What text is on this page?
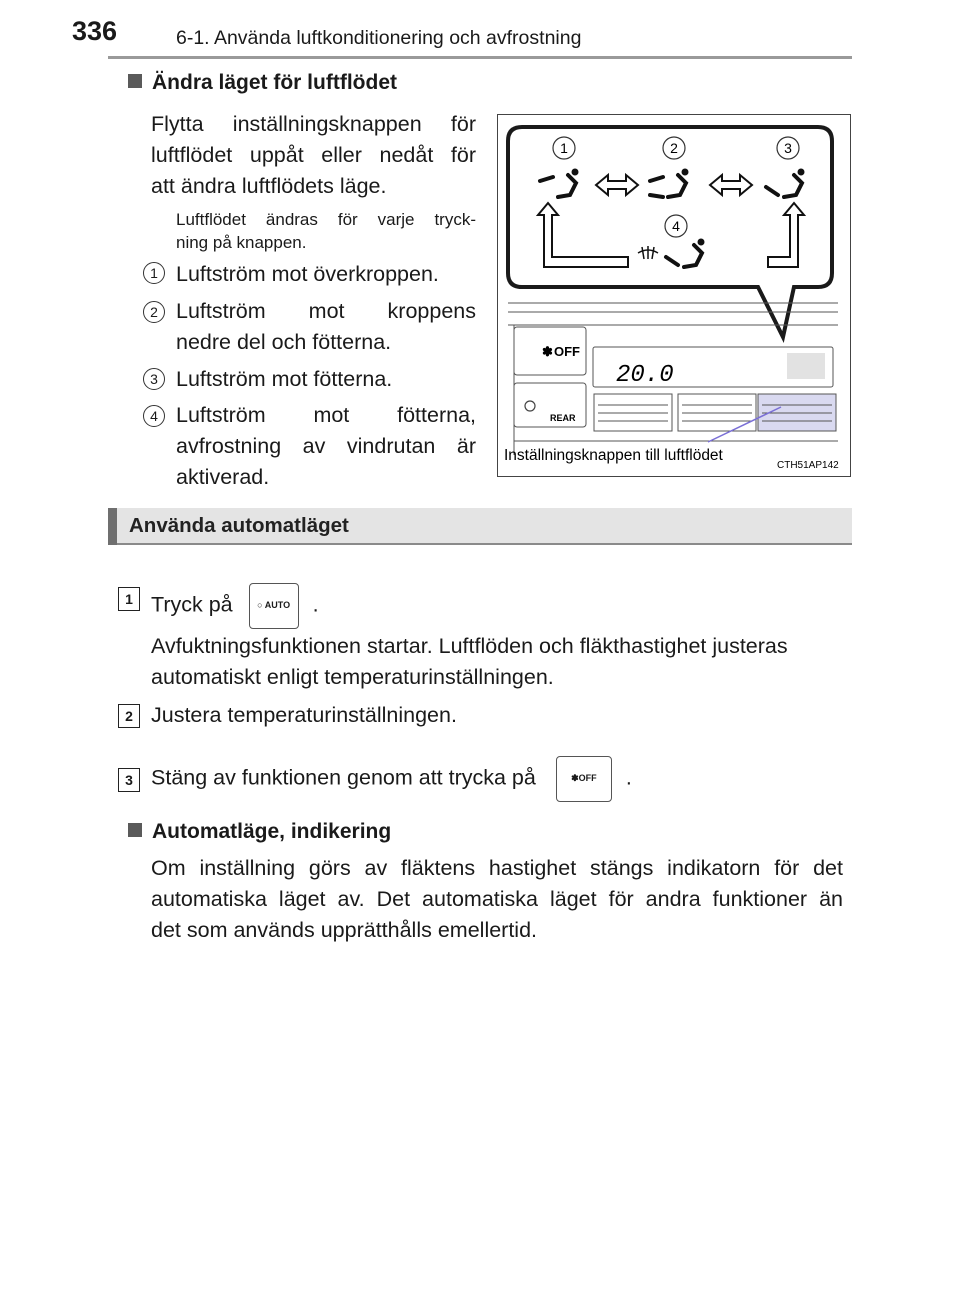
336	6-1. Använda luftkonditionering och avfrostning
Ändra läget för luftflödet
Flytta inställningsknappen för
luftflödet uppåt eller nedåt för
att ändra luftflödets läge.
Luftflödet ändras för varje tryck-
ning på knappen.
1 Luftström mot överkroppen.
2 Luftström mot kroppens
nedre del och fötterna.
3 Luftström mot fötterna.
4 Luftström mot fötterna,
avfrostning av vindrutan är
aktiverad.
1	2	3
4
✽ OFF
REAR
20.0
Inställningsknappen till luftflödet
CTH51AP142
Använda automatläget
1 Tryck på	○ AUTO .
Avfuktningsfunktionen startar. Luftflöden och fläkthastighet justeras
automatiskt enligt temperaturinställningen.
2 Justera temperaturinställningen.
3 Stäng av funktionen genom att trycka på	✽OFF .
Automatläge, indikering
Om inställning görs av fläktens hastighet stängs indikatorn för det
automatiska läget av. Det automatiska läget för andra funktioner än
det som används upprätthålls emellertid.
